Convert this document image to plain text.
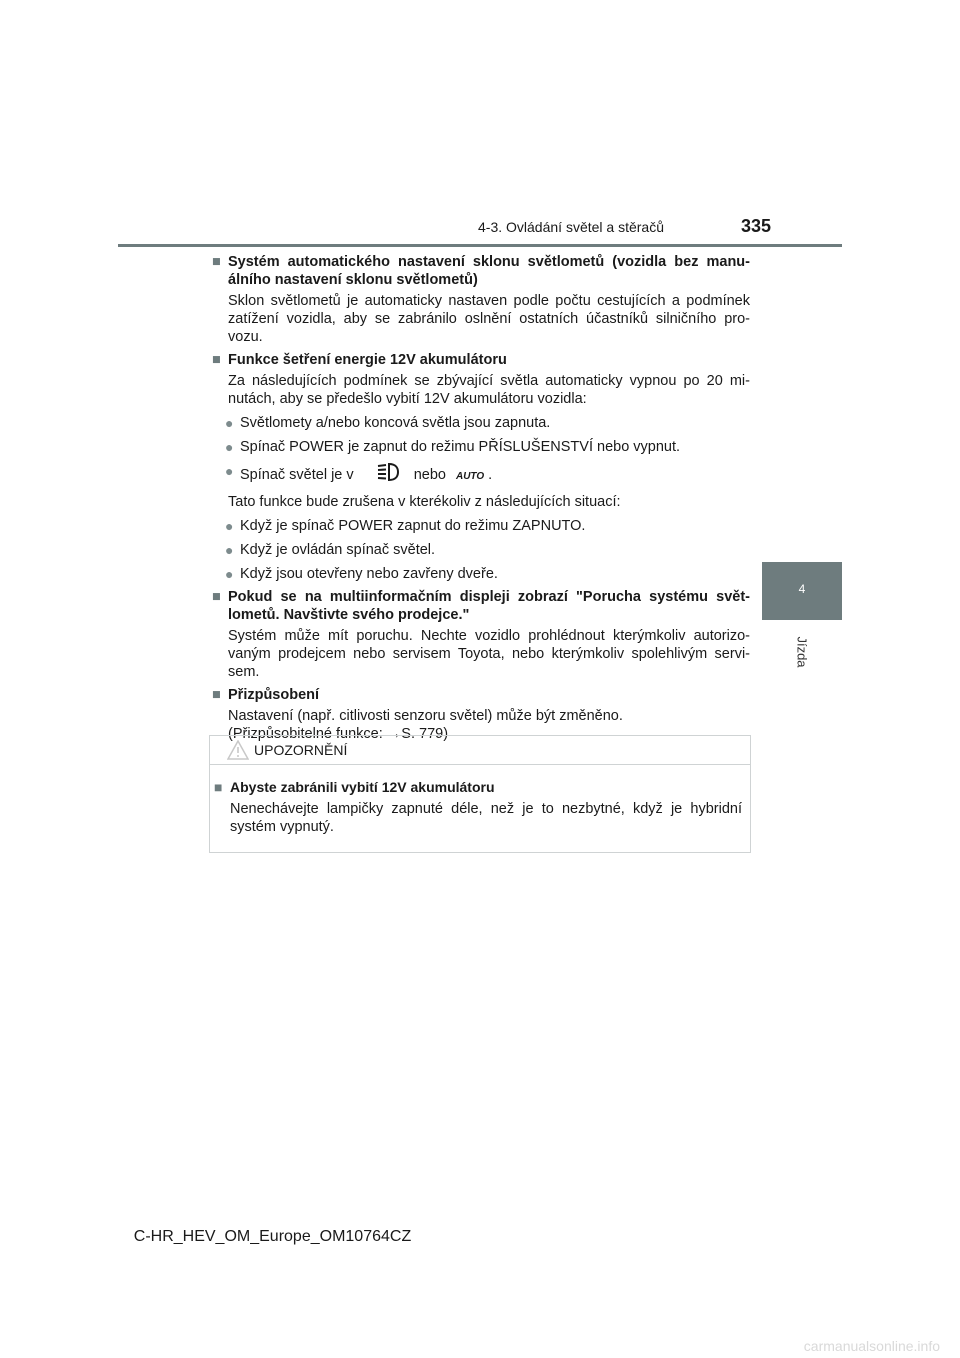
4-3. Ovládání světel a stěračů	335
4
Jízda

■ Systém automatického nastavení sklonu světlometů (vozidla bez manu-álního nastavení sklonu světlometů)

Sklon světlometů je automaticky nastaven podle počtu cestujících a podmínek zatížení vozidla, aby se zabránilo oslnění ostatních účastníků silničního pro-vozu.

■ Funkce šetření energie 12V akumulátoru

Za následujících podmínek se zbývající světla automaticky vypnou po 20 mi-nutách, aby se předešlo vybití 12V akumulátoru vozidla:

● Světlomety a/nebo koncová světla jsou zapnuta.

● Spínač POWER je zapnut do režimu PŘÍSLUŠENSTVÍ nebo vypnut.

● Spínač světel je v	nebo AUTO .

Tato funkce bude zrušena v kterékoliv z následujících situací:

● Když je spínač POWER zapnut do režimu ZAPNUTO.

● Když je ovládán spínač světel.

● Když jsou otevřeny nebo zavřeny dveře.

■ Pokud se na multiinformačním displeji zobrazí "Porucha systému svět-lometů. Navštivte svého prodejce."

Systém může mít poruchu. Nechte vozidlo prohlédnout kterýmkoliv autorizo-vaným prodejcem nebo servisem Toyota, nebo kterýmkoliv spolehlivým servi-sem.

■ Přizpůsobení

Nastavení (např. citlivosti senzoru světel) může být změněno.

(Přizpůsobitelné funkce: →S. 779)

UPOZORNĚNÍ

■ Abyste zabránili vybití 12V akumulátoru

Nenechávejte lampičky zapnuté déle, než je to nezbytné, když je hybridní systém vypnutý.

C-HR_HEV_OM_Europe_OM10764CZ
carmanualsonline.info
